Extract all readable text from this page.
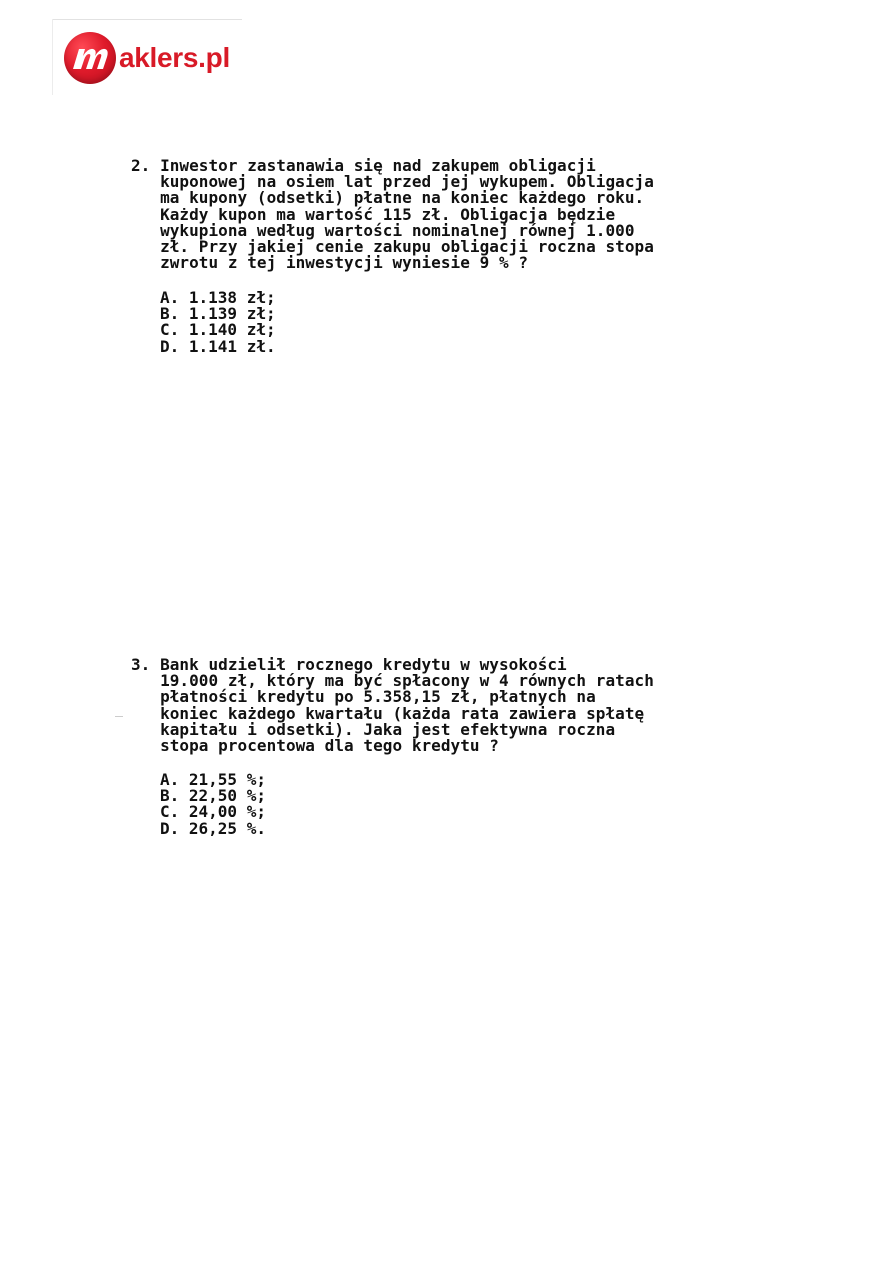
aklers.pl
2. Inwestor zastanawia się nad zakupem obligacji
kuponowej na osiem lat przed jej wykupem. Obligacja
ma kupony (odsetki) płatne na koniec każdego roku.
Każdy kupon ma wartość 115 zł. Obligacja będzie
wykupiona według wartości nominalnej równej 1.000
zł. Przy jakiej cenie zakupu obligacji roczna stopa
zwrotu z tej inwestycji wyniesie 9 % ?
A. 1.138 zł;
B. 1.139 zł;
C. 1.140 zł;
D. 1.141 zł.
3. Bank udzielił rocznego kredytu w wysokości
19.000 zł, który ma być spłacony w 4 równych ratach
płatności kredytu po 5.358,15 zł, płatnych na
koniec każdego kwartału (każda rata zawiera spłatę
kapitału i odsetki). Jaka jest efektywna roczna
stopa procentowa dla tego kredytu ?
A. 21,55 %;
B. 22,50 %;
C. 24,00 %;
D. 26,25 %.
